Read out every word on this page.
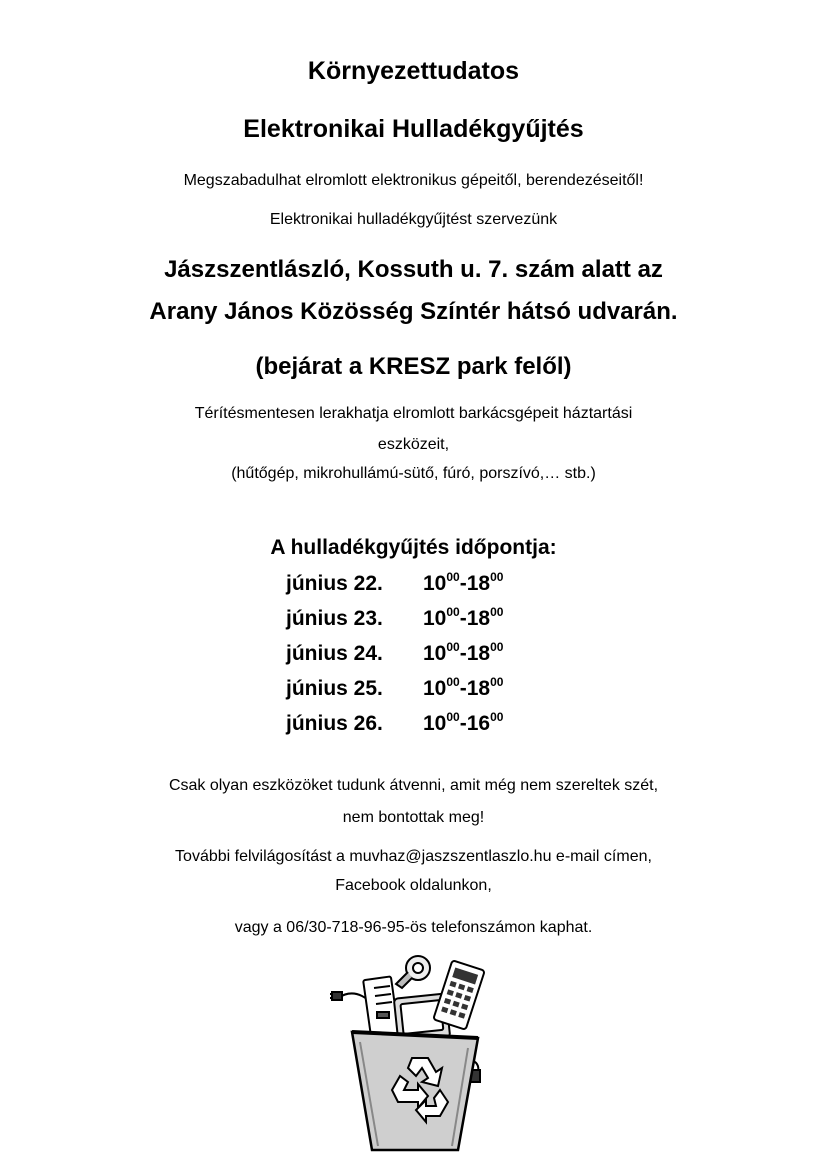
Környezettudatos
Elektronikai Hulladékgyűjtés
Megszabadulhat elromlott elektronikus gépeitől, berendezéseitől!
Elektronikai hulladékgyűjtést szervezünk
Jászszentlászló, Kossuth u. 7. szám alatt az
Arany János Közösség Színtér hátsó udvarán.
(bejárat a KRESZ park felől)
Térítésmentesen lerakhatja elromlott barkácsgépeit háztartási
eszközeit,
(hűtőgép, mikrohullámú-sütő, fúró, porszívó,… stb.)
A hulladékgyűjtés időpontja:
június 22. $10^{00}-18^{00}$
június 23. $10^{00}-18^{00}$
június 24. $10^{00}-18^{00}$
június 25. $10^{00}-18^{00}$
június 26. $10^{00}-16^{00}$
Csak olyan eszközöket tudunk átvenni, amit még nem szereltek szét,
nem bontottak meg!
További felvilágosítást a muvhaz@jaszszentlaszlo.hu e-mail címen,
Facebook oldalunkon,
vagy a 06/30-718-96-95-ös telefonszámon kaphat.
